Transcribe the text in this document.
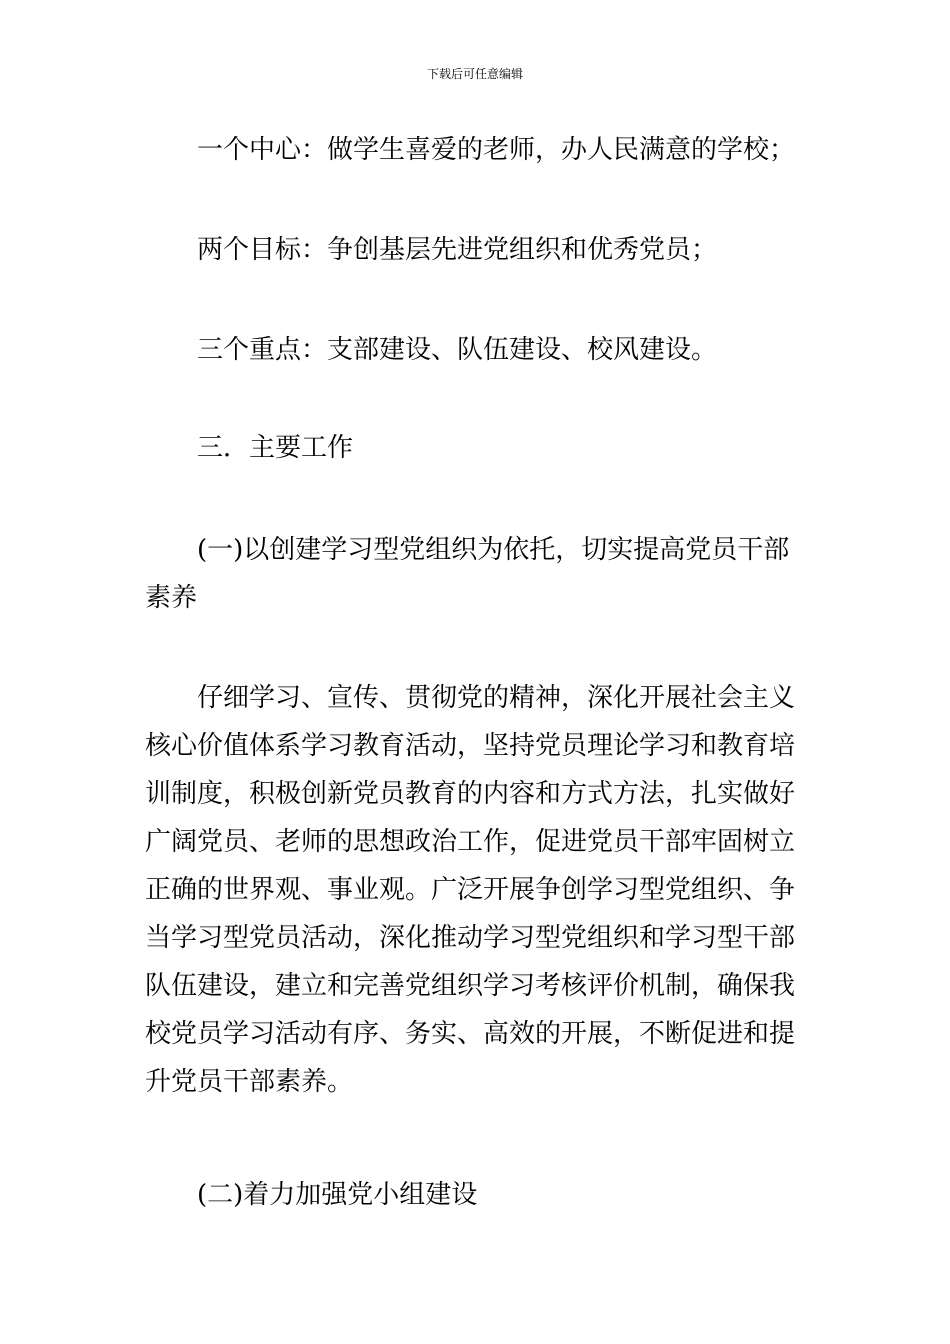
下载后可任意编辑
一个中心：做学生喜爱的老师，办人民满意的学校；
两个目标：争创基层先进党组织和优秀党员；
三个重点：支部建设、队伍建设、校风建设。
三．主要工作
(一)以创建学习型党组织为依托，切实提高党员干部
素养
仔细学习、宣传、贯彻党的精神，深化开展社会主义
核心价值体系学习教育活动，坚持党员理论学习和教育培
训制度，积极创新党员教育的内容和方式方法，扎实做好
广阔党员、老师的思想政治工作，促进党员干部牢固树立
正确的世界观、事业观。广泛开展争创学习型党组织、争
当学习型党员活动，深化推动学习型党组织和学习型干部
队伍建设，建立和完善党组织学习考核评价机制，确保我
校党员学习活动有序、务实、高效的开展，不断促进和提
升党员干部素养。
(二)着力加强党小组建设
